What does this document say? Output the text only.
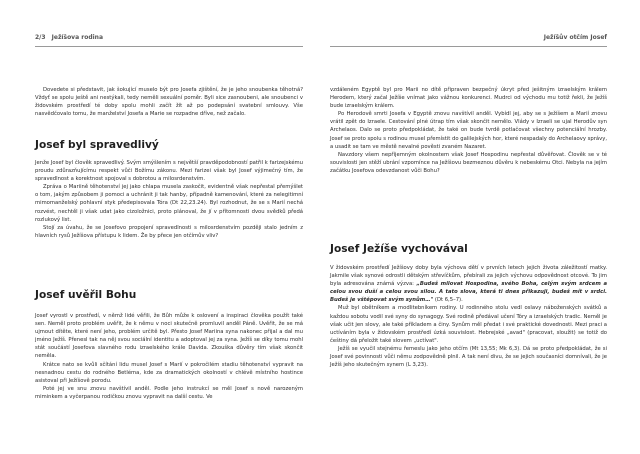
2/3 Ježíšova rodina

Dovedete si představit, jak šokující muselo být pro Josefa zjištění, že je jeho snoubenka těhotná? Vždyť se spolu ještě ani nestýkali, tedy neměli sexuální poměr. Byli sice zasnoubeni, ale snoubenci v židovském prostředí té doby spolu mohli začít žít až po podepsání svatební smlouvy. Vše nasvědčovalo tomu, že manželství Josefa a Marie se rozpadne dříve, než začalo.

Josef byl spravedlivý

Jenže Josef byl člověk spravedlivý. Svým smýšlením s největší pravděpodobností patřil k farizejskému proudu zdůrazňujícímu respekt vůči Božímu zákonu. Mezi farizei však byl Josef výjimečný tím, že spravedlnost a korektnost spojoval s dobrotou a milosrdenstvím.

Zpráva o Mariině těhotenství jej jako chlapa musela zaskočit, evidentně však nepřestal přemýšlet o tom, jakým způsobem ji pomoci a uchránit ji tak hanby, případně kamenování, které za nelegitimní mimomanželský pohlavní styk předepisovala Tóra (Dt 22,23.24). Byl rozhodnut, že se s Marií nechá rozvést, nechtěl ji však udat jako cizoložnici, proto plánoval, že jí v přítomnosti dvou svědků předá rozlukový list.

Stojí za úvahu, že se Josefovo propojení spravedlnosti s milosrdenstvím později stalo jedním z hlavních rysů Ježíšova přístupu k lidem. Že by přece jen otčímův vliv?

Josef uvěřil Bohu

Josef vyrostl v prostředí, v němž lidé věřili, že Bůh může k oslovení a inspiraci člověka použít také sen. Neměl proto problém uvěřit, že k němu v noci skutečně promluvil anděl Páně. Uvěřit, že se má ujmout dítěte, které není jeho, problém určitě byl. Přesto Josef Mariina syna nakonec přijal a dal mu jméno Ježíš. Přenesl tak na něj svou sociální identitu a adoptoval jej za syna. Ježíš se díky tomu mohl stát součástí Josefova slavného rodu izraelského krále Davida. Zkouška důvěry tím však skončit neměla.

Krátce nato se kvůli sčítání lidu musel Josef s Marií v pokročilém stadiu těhotenství vypravit na nesnadnou cestu do rodného Betléma, kde za dramatických okolností v chlévě místního hostince asistoval při Ježíšově porodu.

Poté jej ve snu znovu navštívil anděl. Podle jeho instrukcí se měl Josef s nově narozeným miminkem a vyčerpanou rodičkou znovu vypravit na další cestu. Ve

Ježíšův otčím Josef

vzdáleném Egyptě byl pro Marii no dítě připraven bezpečný úkryt před ješitným izraelským králem Herodem, který začal Ježíše vnímat jako vážnou konkurenci. Mudrci od východu mu totiž řekli, že Ježíš bude izraelským králem.

Po Herodově smrti Josefa v Egyptě znovu navštívil anděl. Vybídl jej, aby se s Ježíšem a Marií znovu vrátil zpět do Izraele. Cestování plné útrap tím však skončit nemělo. Vlády v Izraeli se ujal Herodův syn Archelaos. Dalo se proto předpokládat, že také on bude tvrdě potlačovat všechny potenciální hrozby. Josef se proto spolu s rodinou musel přemístit do galilejských hor, které nespadaly do Archelaovy správy, a usadit se tam ve městě nevalné pověsti zvaném Nazaret.

Navzdory všem nepříjemným okolnostem však Josef Hospodinu nepřestal důvěřovat. Člověk se v té souvislosti jen stěží ubrání vzpomínce na Ježíšovu bezmeznou důvěru k nebeskému Otci. Nebyla na jejím začátku Josefova odevzdanost vůči Bohu?

Josef Ježíše vychovával

V židovském prostředí Ježíšovy doby byla výchova dětí v prvních letech jejich života záležitostí matky. Jakmile však synové odrostli dětským střevíčkům, přebírali za jejich výchovu odpovědnost otcové. To jim byla adresována známá výzva: „Budeš milovat Hospodina, svého Boha, celým svým srdcem a celou svou duší a celou svou silou. A tato slova, která ti dnes přikazuji, budeš mít v srdci. Budeš je vštěpovat svým synům…" (Dt 6,5–7).

Muž byl obětníkem a modlitebníkem rodiny. U rodinného stolu vedl oslavy náboženských svátků a každou sobotu vodil své syny do synagogy. Své rodině předával učení Tóry a izraelských tradic. Neměl je však učit jen slovy, ale také příkladem a činy. Synům měl předat i své praktické dovednosti. Mezi praci a uctíváním byla v židovském prostředí úzká souvislost. Hebrejské „avad" (pracovat, sloužit) se totiž do češtiny dá přeložit také slovem „uctívat".

Ježíš se vyučil stejnému řemeslu jako jeho otčím (Mt 13,55; Mk 6,3). Dá se proto předpokládat, že si Josef své povinnosti vůči němu zodpovědně plnil. A tak není divu, že se jejich současníci domnívali, že je Ježíš jeho skutečným synem (L 3,23).
